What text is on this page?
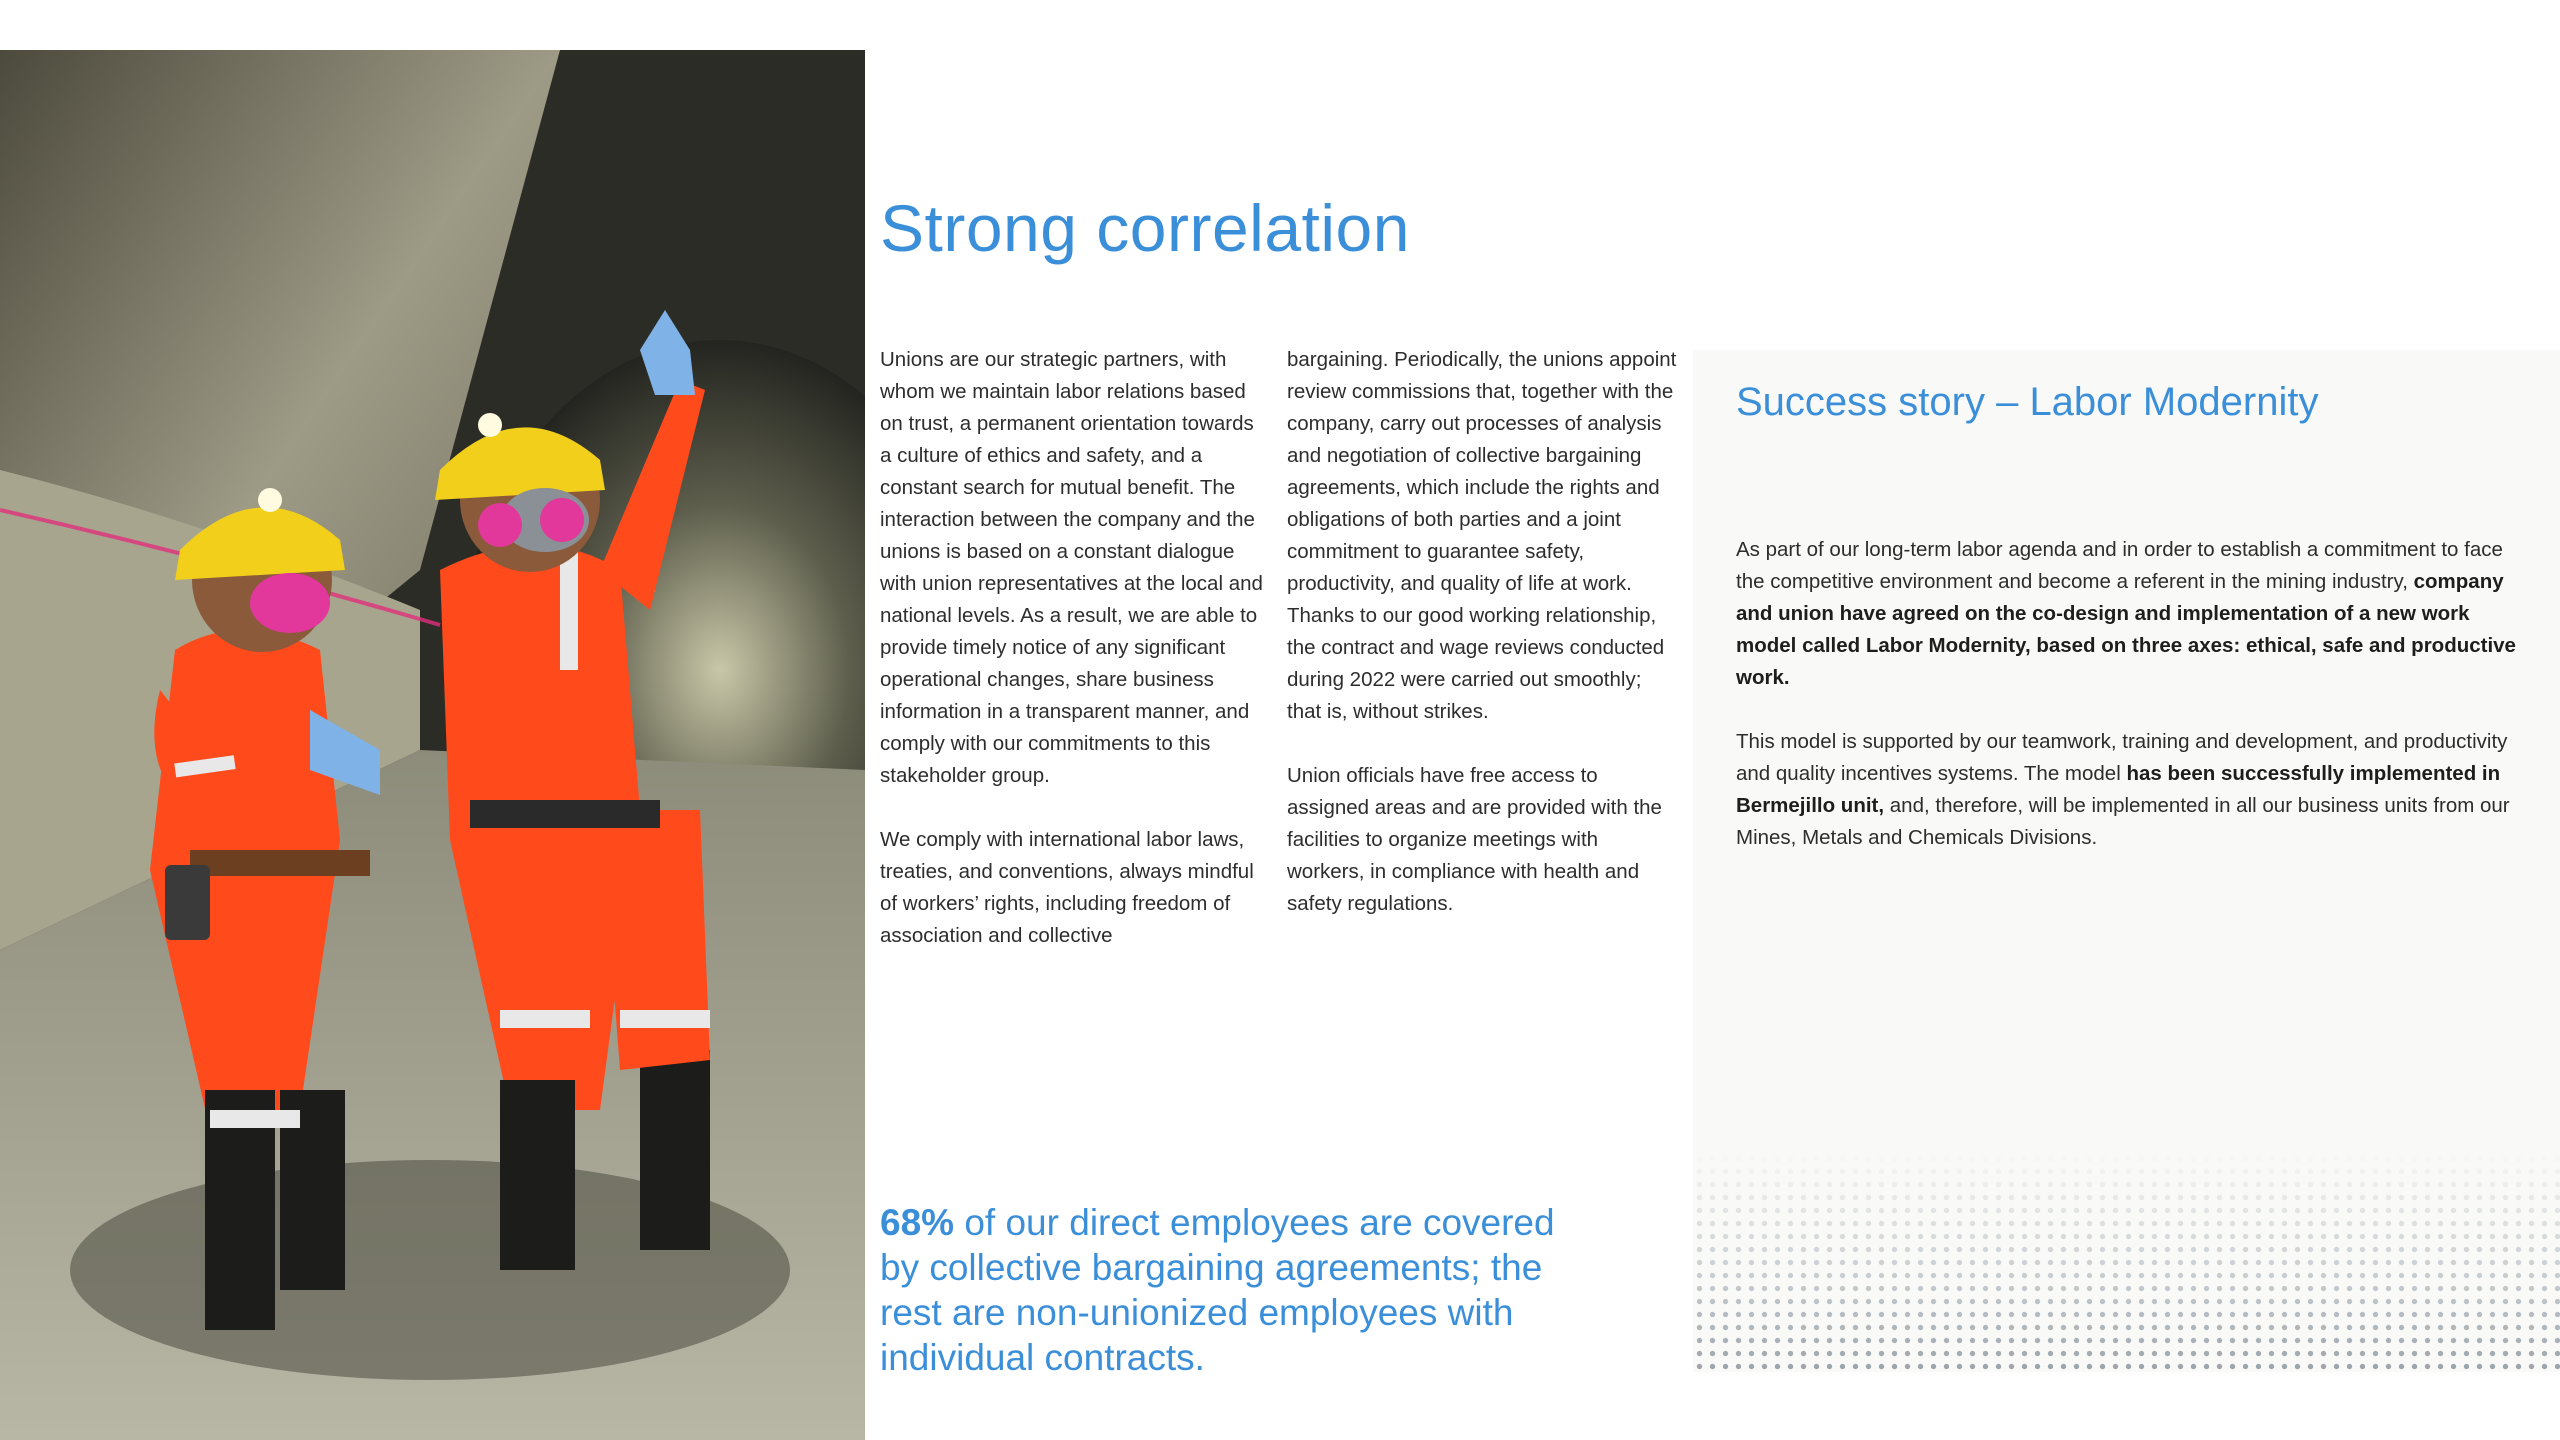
Strong correlation

Unions are our strategic partners, with whom we maintain labor relations based on trust, a permanent orientation towards a culture of ethics and safety, and a constant search for mutual benefit. The interaction between the company and the unions is based on a constant dialogue with union representatives at the local and national levels. As a result, we are able to provide timely notice of any significant operational changes, share business information in a transparent manner, and comply with our commitments to this stakeholder group.

We comply with international labor laws, treaties, and conventions, always mindful of workers’ rights, including freedom of association and collective

bargaining. Periodically, the unions appoint review commissions that, together with the company, carry out processes of analysis and negotiation of collective bargaining agreements, which include the rights and obligations of both parties and a joint commitment to guarantee safety, productivity, and quality of life at work. Thanks to our good working relationship, the contract and wage reviews conducted during 2022 were carried out smoothly; that is, without strikes.

Union officials have free access to assigned areas and are provided with the facilities to organize meetings with workers, in compliance with health and safety regulations.

68% of our direct employees are covered by collective bargaining agreements; the rest are non-unionized employees with individual contracts.
Success story – Labor Modernity

As part of our long-term labor agenda and in order to establish a commitment to face the competitive environment and become a referent in the mining industry, company and union have agreed on the co-design and implementation of a new work model called Labor Modernity, based on three axes: ethical, safe and productive work.

This model is supported by our teamwork, training and development, and productivity and quality incentives systems. The model has been successfully implemented in Bermejillo unit, and, therefore, will be implemented in all our business units from our Mines, Metals and Chemicals Divisions.
